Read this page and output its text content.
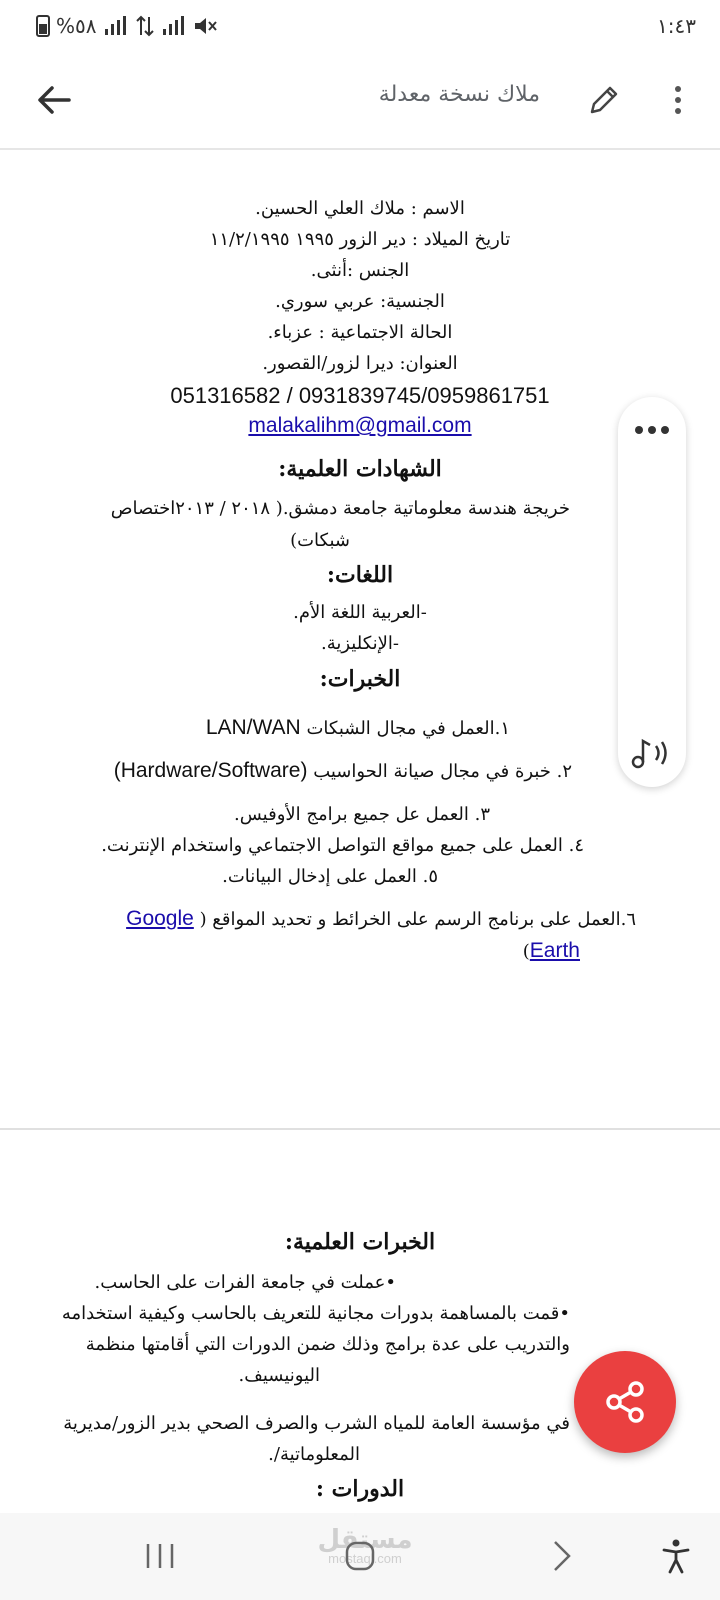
%٥٨	١:٤٣
ملاك نسخة معدلة
الاسم : ملاك العلي الحسين.
تاريخ الميلاد : دير الزور ١٩٩٥ ١١/٢/١٩٩٥
الجنس :أنثى.
الجنسية: عربي سوري.
الحالة الاجتماعية : عزباء.
العنوان: ديرا لزور/القصور.
051316582 / 0931839745/0959861751
malakalihm@gmail.com
الشهادات العلمية:
خريجة هندسة معلوماتية جامعة دمشق.( ٢٠١٨ / ٢٠١٣اختصاص
شبكات)
اللغات:
-العربية اللغة الأم.
-الإنكليزية.
الخبرات:
١.العمل في مجال الشبكات LAN/WAN
٢. خبرة في مجال صيانة الحواسيب (Hardware/Software)
٣. العمل عل جميع برامج الأوفيس.
٤. العمل على جميع مواقع التواصل الاجتماعي واستخدام الإنترنت.
٥. العمل على إدخال البيانات.
٦.العمل على برنامج الرسم على الخرائط و تحديد المواقع ( Google
Earth)
الخبرات العلمية:
•عملت في جامعة الفرات على الحاسب.
•قمت بالمساهمة بدورات مجانية للتعريف بالحاسب وكيفية استخدامه
والتدريب على عدة برامج وذلك ضمن الدورات التي أقامتها منظمة
اليونيسيف.
في مؤسسة العامة للمياه الشرب والصرف الصحي بدير الزور/مديرية
المعلوماتية/.
الدورات :
مستقل
mostaql.com
